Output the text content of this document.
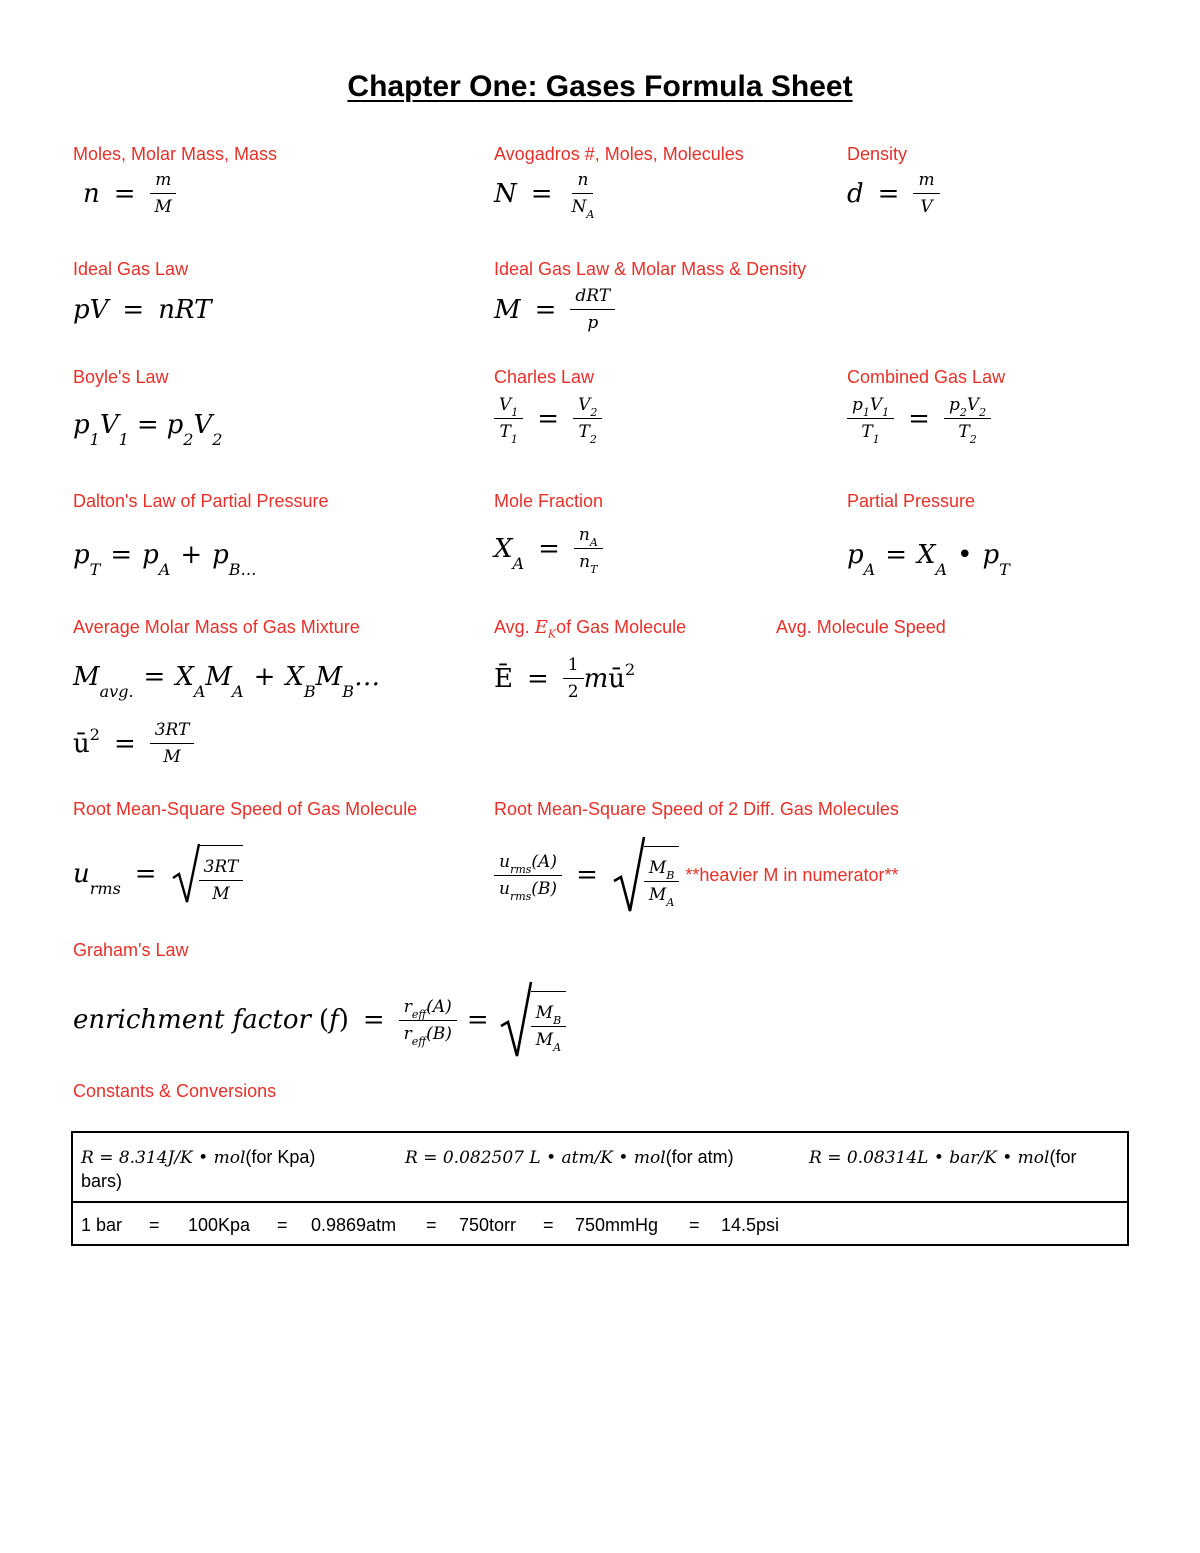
Chapter One: Gases Formula Sheet
Moles, Molar Mass, Mass
$n = \frac{m}{M}$
Avogadros #, Moles, Molecules
$N = \frac{n}{N_A}$
Density
$d = \frac{m}{V}$
Ideal Gas Law
pV = nRT
Ideal Gas Law & Molar Mass & Density
$M = \frac{\text{dRT}}{p}$
Boyle's Law
$p_1V_1 = p_2V_2$
Charles Law
$\frac{V_1}{T_1} = \frac{V_2}{T_2}$
Combined Gas Law
$\frac{p_1V_1}{T_1} = \frac{p_2V_2}{T_2}$
Dalton's Law of Partial Pressure
$p_T = p_A + p_{B\dots}$
Mole Fraction
$X_A = \frac{n_A}{n_T}$
Partial Pressure
$p_A = X_A$ • $p_T$
Average Molar Mass of Gas Mixture
$M_{avg.} = X_AM_A$ + $X_BM_B\dots$
$ū^2 = \frac{3RT}{M}$
Avg. $E_Kof$ Gas Molecule
Ē = $\frac{1}{2}$ m $ū^2$
Avg. Molecule Speed
Root Mean-Square Speed of Gas Molecule
$u_{rms} = \frac{3RT}{M}$
Root Mean-Square Speed of 2 Diff. Gas Molecules
$\frac{u_{rms}(A)}{u_{rms}(B)}$ =	$\frac{M_B}{M_A}$ **heavier M in numerator**
Graham's Law
enrichment factor ( f ) = $\frac{r_{eff}(A)}{r_{eff}(B)} = \frac{M_B}{M_A}$
Constants & Conversions
R = 8.314J/K • mol(for Kpa)	R = 0.082507 L • atm/K • mol(for atm)	R = 0.08314L • bar/K • mol(for
bars)
1 bar = 100Kpa = 0.9869atm = 750torr = 750mmHg = 14.5psi
